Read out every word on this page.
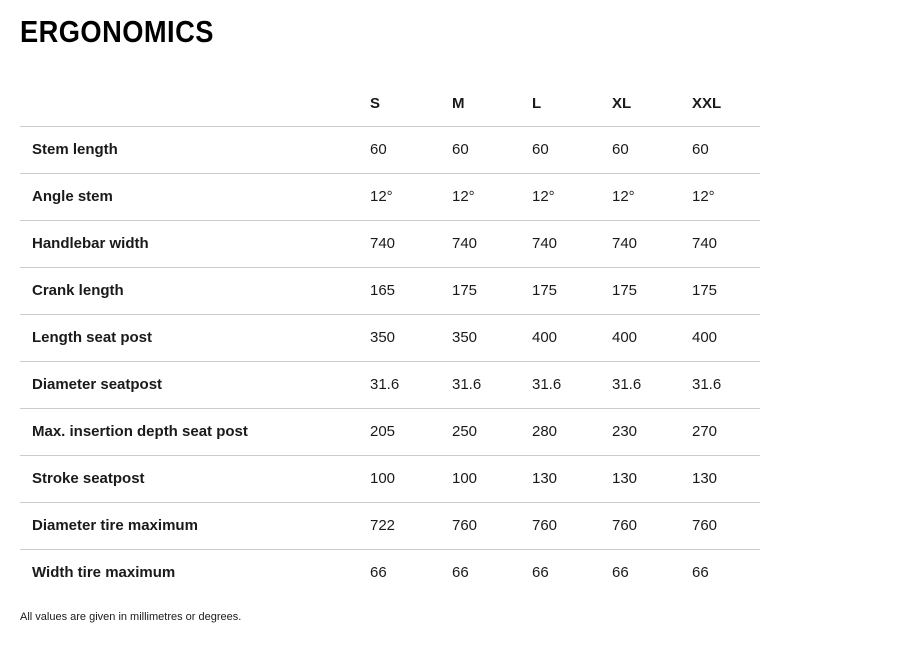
ERGONOMICS
	S	M	L	XL	XXL
Stem length	60	60	60	60	60
Angle stem	12°	12°	12°	12°	12°
Handlebar width	740	740	740	740	740
Crank length	165	175	175	175	175
Length seat post	350	350	400	400	400
Diameter seatpost	31.6	31.6	31.6	31.6	31.6
Max. insertion depth seat post	205	250	280	230	270
Stroke seatpost	100	100	130	130	130
Diameter tire maximum	722	760	760	760	760
Width tire maximum	66	66	66	66	66

All values are given in millimetres or degrees.
